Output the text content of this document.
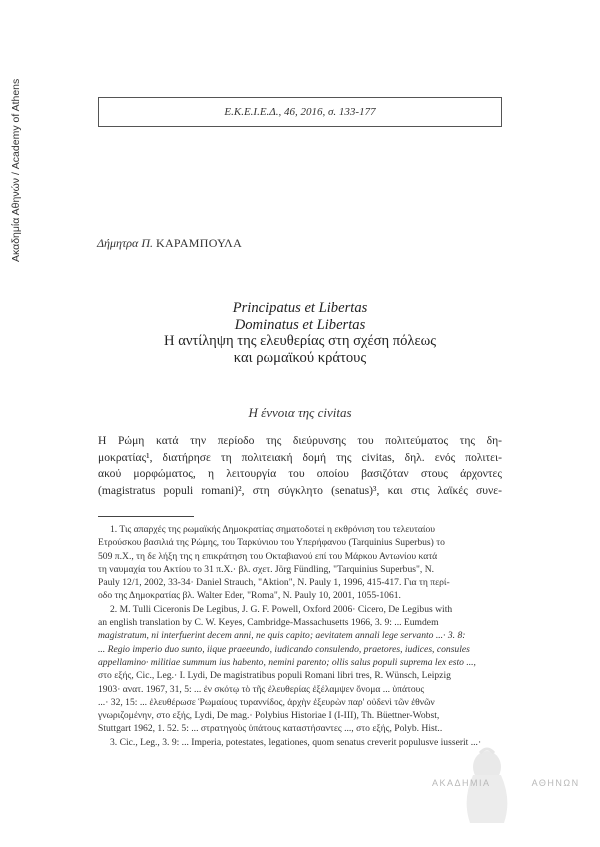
Ακαδημία Αθηνών / Academy of Athens	Ε.Κ.Ε.Ι.Ε.Δ., 46, 2016, σ. 133-177
Δήμητρα Π. ΚΑΡΑΜΠΟΥΛΑ
Principatus et Libertas
Dominatus et Libertas
Η αντίληψη της ελευθερίας στη σχέση πόλεως
και ρωμαϊκού κράτους
Η έννοια της civitas
Η Ρώμη κατά την περίοδο της διεύρυνσης του πολιτεύματος της δη-
μοκρατίας¹, διατήρησε τη πολιτειακή δομή της civitas, δηλ. ενός πολιτει-
ακού μορφώματος, η λειτουργία του οποίου βασιζόταν στους άρχοντες
(magistratus populi romani)², στη σύγκλητο (senatus)³, και στις λαϊκές συνε-
1. Τις απαρχές της ρωμαϊκής Δημοκρατίας σηματοδοτεί η εκθρόνιση του τελευταίου
Ετρούσκου βασιλιά της Ρώμης, του Ταρκύνιου του Υπερήφανου (Tarquinius Superbus) το
509 π.Χ., τη δε λήξη της η επικράτηση του Οκταβιανού επί του Μάρκου Αντωνίου κατά
τη ναυμαχία του Ακτίου το 31 π.Χ.· βλ. σχετ. Jörg Fündling, "Tarquinius Superbus", N.
Pauly 12/1, 2002, 33-34· Daniel Strauch, "Aktion", N. Pauly 1, 1996, 415-417. Για τη περί-
οδο της Δημοκρατίας βλ. Walter Eder, "Roma", N. Pauly 10, 2001, 1055-1061.
2. M. Tulli Ciceronis De Legibus, J. G. F. Powell, Oxford 2006· Cicero, De Legibus with
an english translation by C. W. Keyes, Cambridge-Massachusetts 1966, 3. 9: ... Eumdem
magistratum, ni interfuerint decem anni, ne quis capito; aevitatem annali lege servanto ...· 3. 8:
... Regio imperio duo sunto, iique praeeundo, iudicando consulendo, praetores, iudices, consules
appellamino· militiae summum ius habento, nemini parento; ollis salus populi suprema lex esto ...,
στο εξής, Cic., Leg.· I. Lydi, De magistratibus populi Romani libri tres, R. Wünsch, Leipzig
1903· ανατ. 1967, 31, 5: ... ἐν σκότῳ τὸ τῆς ἐλευθερίας ἐξέλαμψεν ὄνομα ... ὑπάτους
...· 32, 15: ... ἐλευθέρωσε Ῥωμαίους τυραννίδος, ἀρχὴν ἐξευρὼν παρ' οὐδενὶ τῶν ἐθνῶν
γνωριζομένην, στο εξής, Lydi, De mag.· Polybius Historiae I (I-III), Th. Büettner-Wobst,
Stuttgart 1962, 1. 52. 5: ... στρατηγοὺς ὑπάτους καταστήσαντες ..., στο εξής, Polyb. Hist..
3. Cic., Leg., 3. 9: ... Imperia, potestates, legationes, quom senatus creverit populusve iusserit ...·
ΑΚΑΔΗΜΙΑ	ΑΘΗΝΩΝ
